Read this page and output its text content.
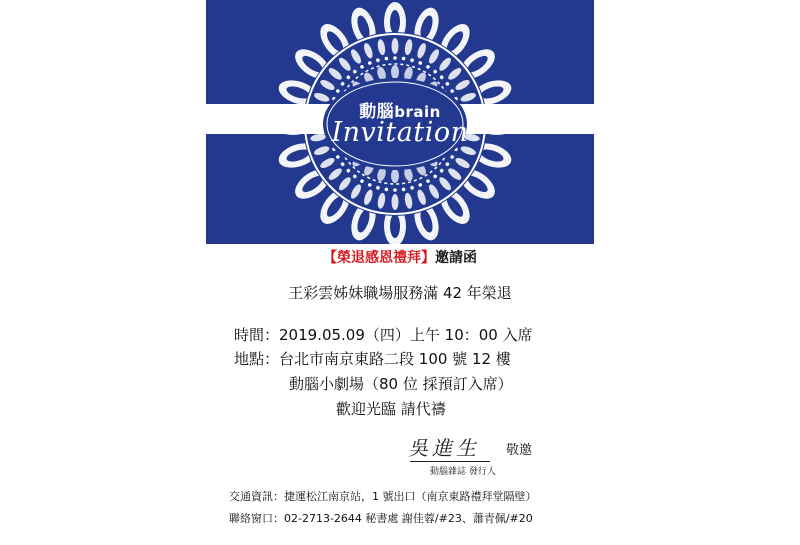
動腦brain
Invitation
【榮退感恩禮拜】邀請函
王彩雲姊妹職場服務滿 42 年榮退
時間：2019.05.09（四）上午 10：00 入席
地點：台北市南京東路二段 100 號 12 樓
動腦小劇場（80 位 採預訂入席）
歡迎光臨 請代禱
吳進生	敬邀
動腦雜誌 發行人
交通資訊：捷運松江南京站，1 號出口（南京東路禮拜堂隔壁）
聯絡窗口：02-2713-2644 秘書處 謝佳蓉/#23、蕭青佩/#20
